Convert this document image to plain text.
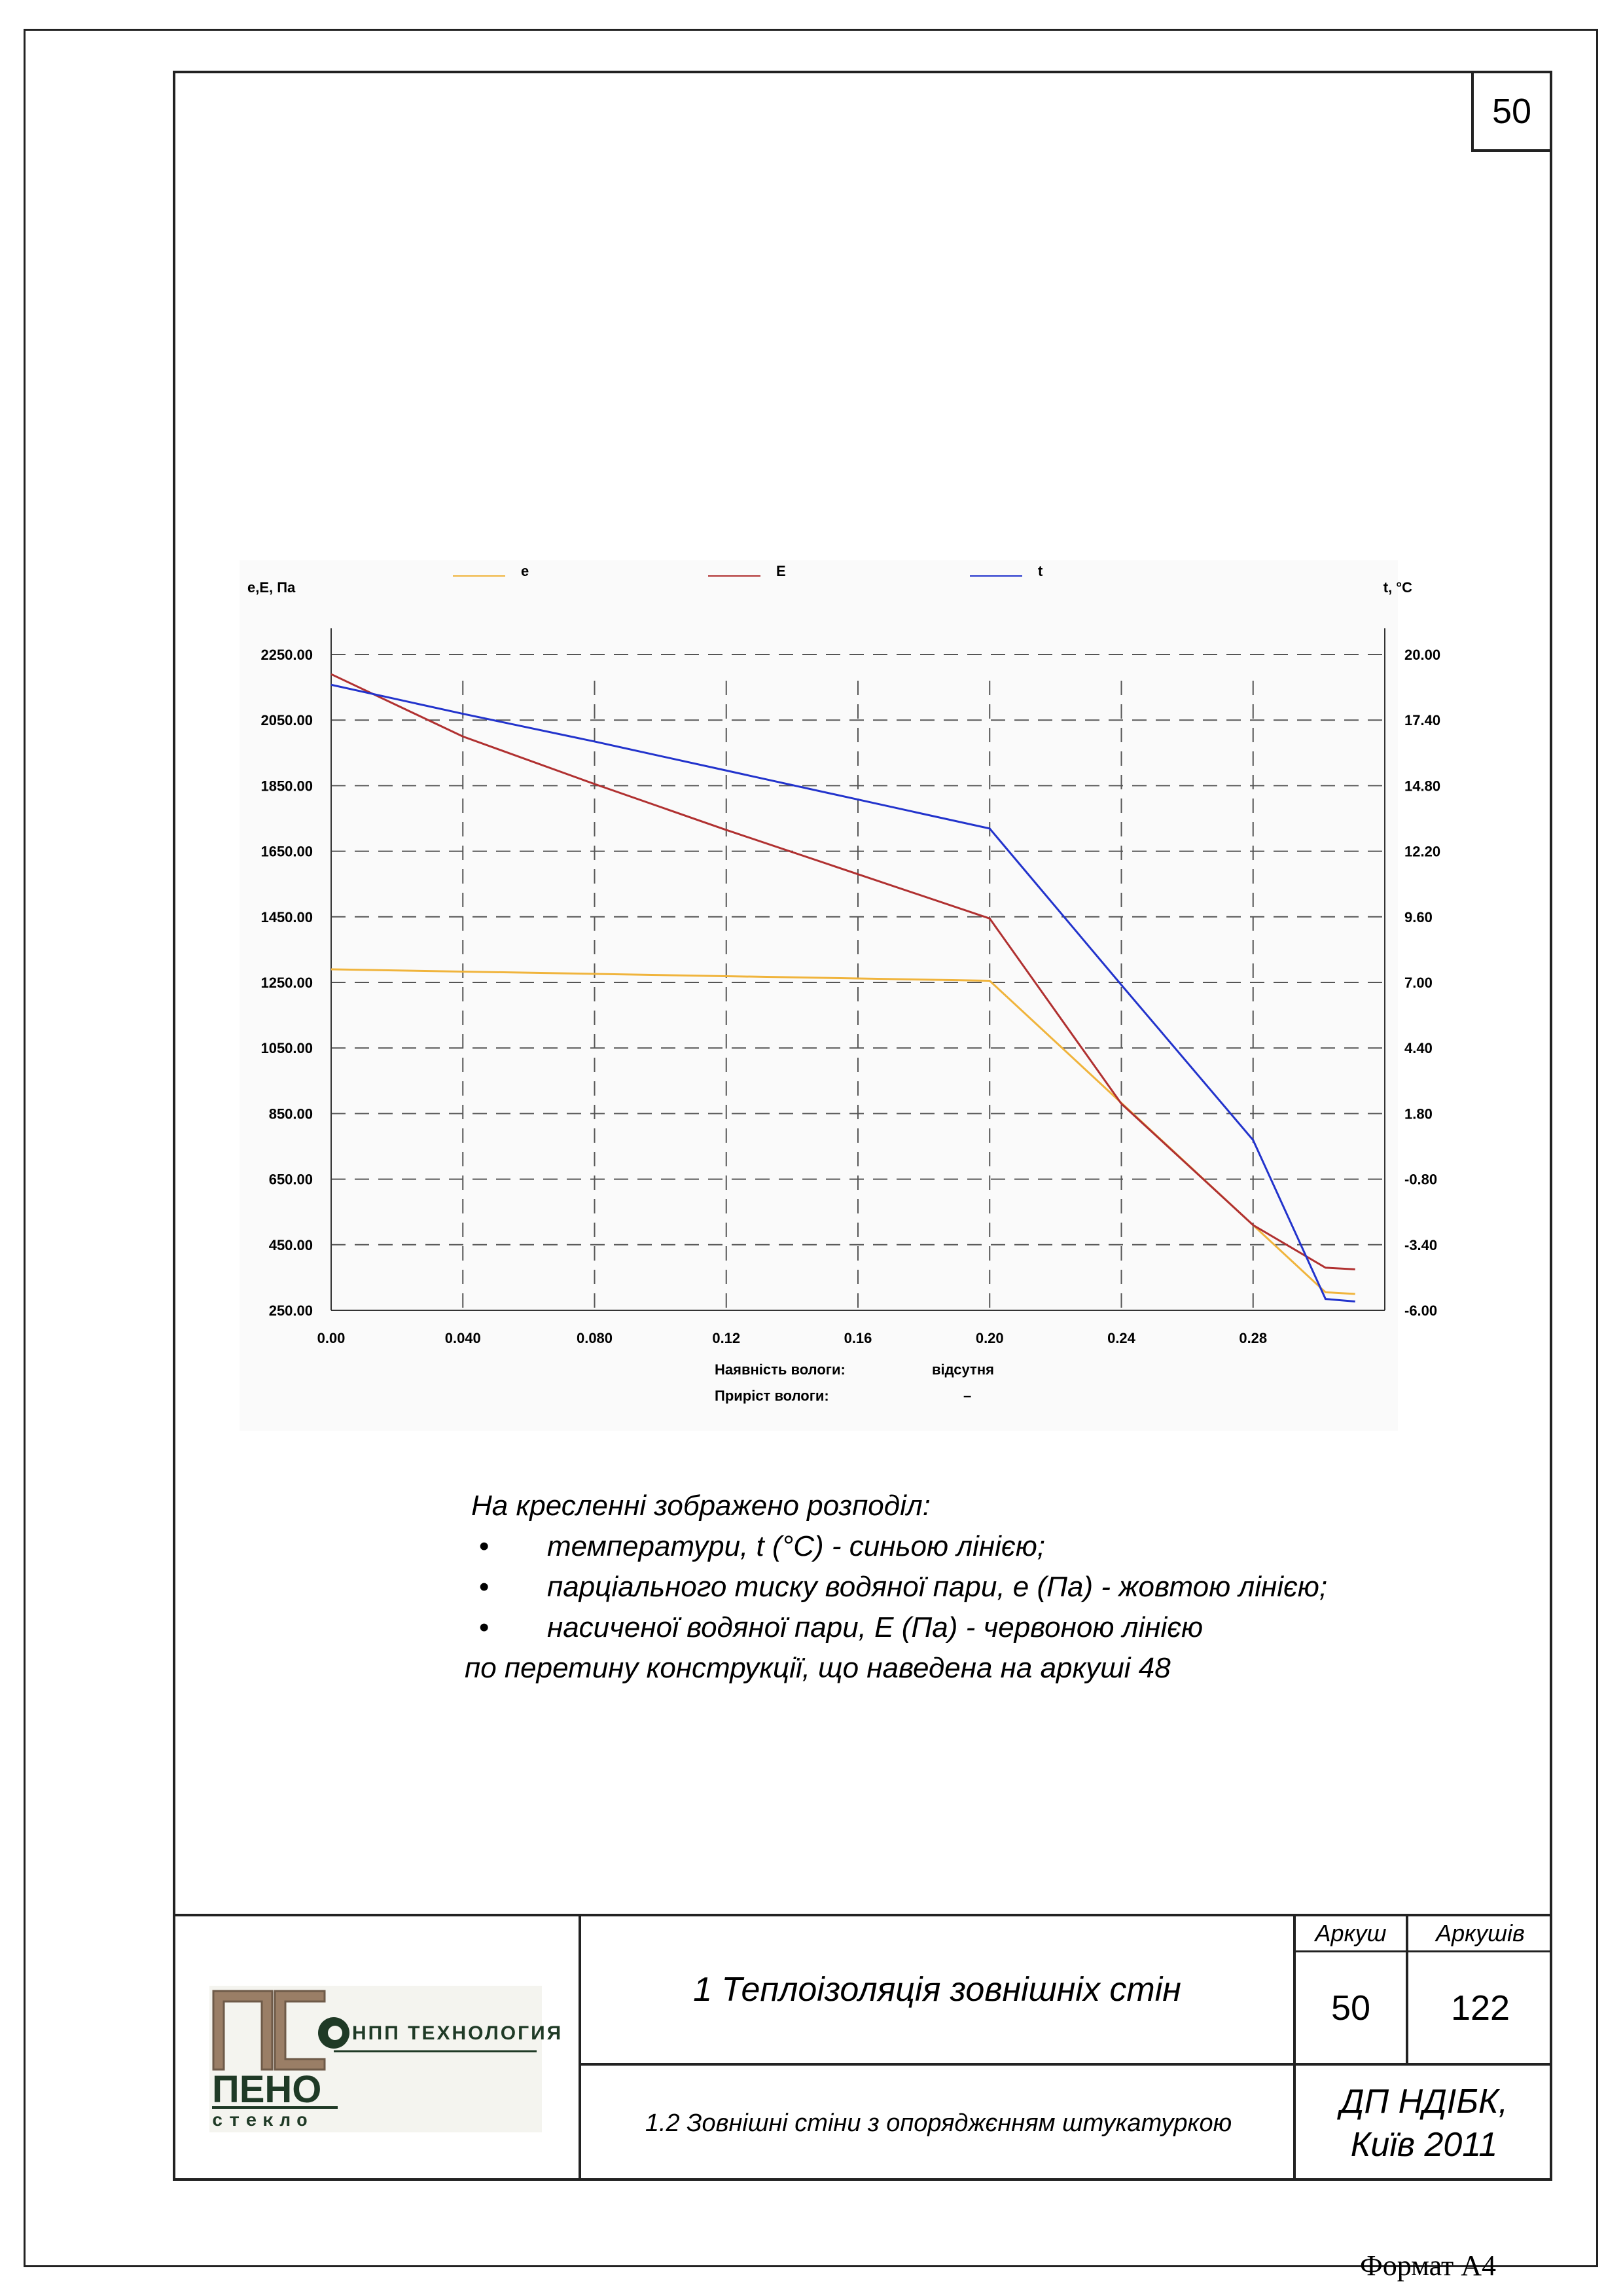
50
2250.00	20.00
2050.00	17.40
1850.00	14.80
1650.00	12.20
1450.00	9.60
1250.00	7.00
1050.00	4.40
850.00	1.80
650.00	-0.80
450.00	-3.40
250.00	-6.00
0.00	0.040	0.080	0.12	0.16	0.20	0.24	0.28
e,E, Па	t, °C
e	E	t
Наявність вологи:	відсутня
Приріст вологи:	–
На кресленні зображено розподіл:
• температури, t (°C) - синьою лінією;
• парціального тиску водяної пари, e (Па) - жовтою лінією;
• насиченої водяної пари, E (Па) - червоною лінією
по перетину конструкції, що наведена на аркуші 48
1 Теплоізоляція зовнішніх стін
1.2 Зовнішні стіни з опоряджєнням штукатуркою
Аркуш	Аркушів
50	122
ДП НДІБК,
Київ 2011
НПП ТЕХНОЛОГИЯ
ПЕНО
стекло
Формат А4
